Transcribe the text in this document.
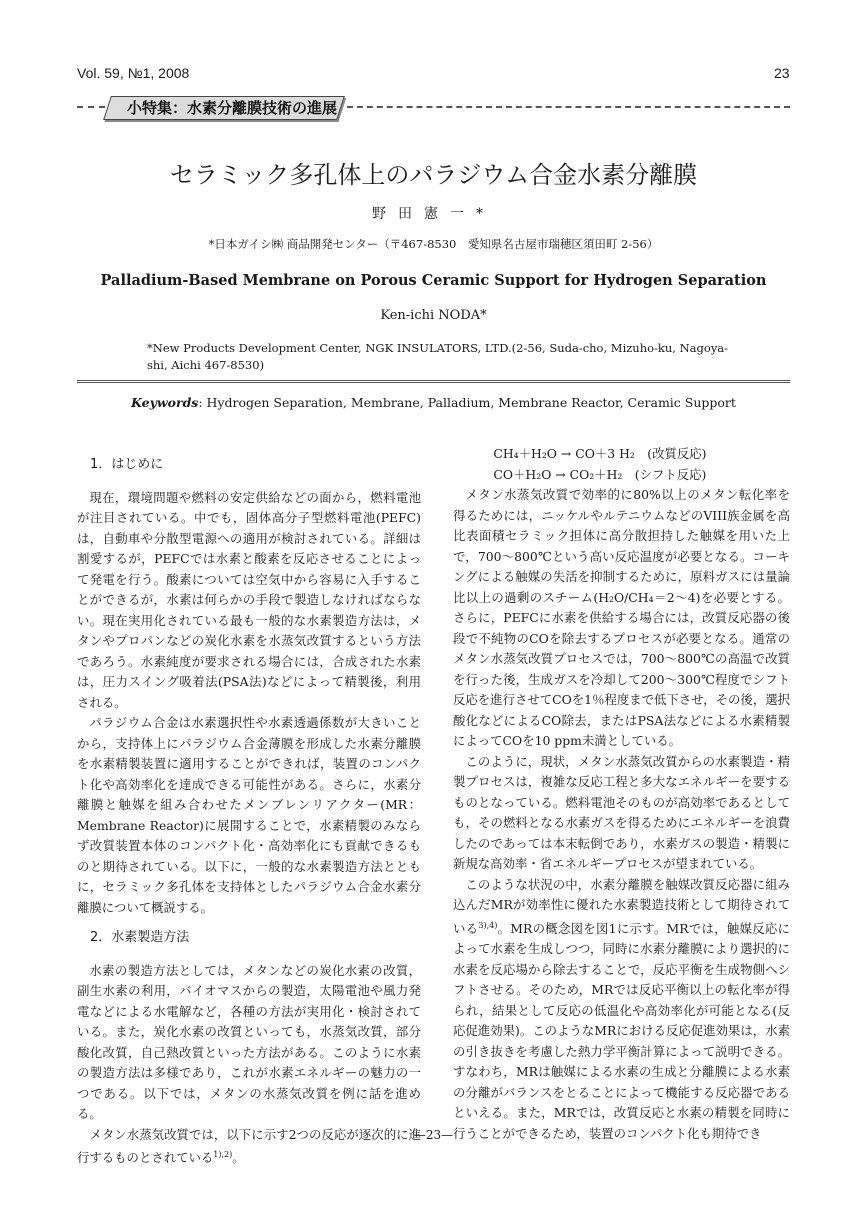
Vol. 59, №1, 2008	23
小特集：水素分離膜技術の進展
セラミック多孔体上のパラジウム合金水素分離膜
野田憲一*
*日本ガイシ㈱ 商品開発センター（〒467-8530　愛知県名古屋市瑞穂区須田町 2-56）
Palladium-Based Membrane on Porous Ceramic Support for Hydrogen Separation
Ken-ichi NODA*
*New Products Development Center, NGK INSULATORS, LTD.(2-56, Suda-cho, Mizuho-ku, Nagoya-shi, Aichi 467-8530)
Keywords: Hydrogen Separation, Membrane, Palladium, Membrane Reactor, Ceramic Support

1．はじめに

現在，環境問題や燃料の安定供給などの面から，燃料電池が注目されている。中でも，固体高分子型燃料電池(PEFC)は，自動車や分散型電源への適用が検討されている。詳細は割愛するが，PEFCでは水素と酸素を反応させることによって発電を行う。酸素については空気中から容易に入手することができるが，水素は何らかの手段で製造しなければならない。現在実用化されている最も一般的な水素製造方法は，メタンやプロパンなどの炭化水素を水蒸気改質するという方法であろう。水素純度が要求される場合には，合成された水素は，圧力スイング吸着法(PSA法)などによって精製後，利用される。

パラジウム合金は水素選択性や水素透過係数が大きいことから，支持体上にパラジウム合金薄膜を形成した水素分離膜を水素精製装置に適用することができれば，装置のコンパクト化や高効率化を達成できる可能性がある。さらに，水素分離膜と触媒を組み合わせたメンブレンリアクター(MR：Membrane Reactor)に展開することで，水素精製のみならず改質装置本体のコンパクト化・高効率化にも貢献できるものと期待されている。以下に，一般的な水素製造方法とともに，セラミック多孔体を支持体としたパラジウム合金水素分離膜について概説する。

2．水素製造方法

水素の製造方法としては，メタンなどの炭化水素の改質，副生水素の利用，バイオマスからの製造，太陽電池や風力発電などによる水電解など，各種の方法が実用化・検討されている。また，炭化水素の改質といっても，水蒸気改質，部分酸化改質，自己熱改質といった方法がある。このように水素の製造方法は多様であり，これが水素エネルギーの魅力の一つである。以下では，メタンの水蒸気改質を例に話を進める。

メタン水蒸気改質では，以下に示す2つの反応が逐次的に進行するものとされている$^{1),2)}$。

CH₄＋H₂O → CO＋3 H₂　(改質反応)

CO＋H₂O → CO₂＋H₂　(シフト反応)

メタン水蒸気改質で効率的に80%以上のメタン転化率を得るためには，ニッケルやルテニウムなどのVIII族金属を高比表面積セラミック担体に高分散担持した触媒を用いた上で，700〜800℃という高い反応温度が必要となる。コーキングによる触媒の失活を抑制するために，原料ガスには量論比以上の過剰のスチーム(H₂O/CH₄＝2〜4)を必要とする。さらに，PEFCに水素を供給する場合には，改質反応器の後段で不純物のCOを除去するプロセスが必要となる。通常のメタン水蒸気改質プロセスでは，700〜800℃の高温で改質を行った後，生成ガスを冷却して200〜300℃程度でシフト反応を進行させてCOを1％程度まで低下させ，その後，選択酸化などによるCO除去，またはPSA法などによる水素精製によってCOを10 ppm未満としている。

このように，現状，メタン水蒸気改質からの水素製造・精製プロセスは，複雑な反応工程と多大なエネルギーを要するものとなっている。燃料電池そのものが高効率であるとしても，その燃料となる水素ガスを得るためにエネルギーを浪費したのであっては本末転倒であり，水素ガスの製造・精製に新規な高効率・省エネルギープロセスが望まれている。

このような状況の中，水素分離膜を触媒改質反応器に組み込んだMRが効率性に優れた水素製造技術として期待されている$^{3),4)}$。MRの概念図を図1に示す。MRでは，触媒反応によって水素を生成しつつ，同時に水素分離膜により選択的に水素を反応場から除去することで，反応平衡を生成物側へシフトさせる。そのため，MRでは反応平衡以上の転化率が得られ，結果として反応の低温化や高効率化が可能となる(反応促進効果)。このようなMRにおける反応促進効果は，水素の引き抜きを考慮した熱力学平衡計算によって説明できる。すなわち，MRは触媒による水素の生成と分離膜による水素の分離がバランスをとることによって機能する反応器であるといえる。また，MRでは，改質反応と水素の精製を同時に行うことができるため，装置のコンパクト化も期待でき

—23—
